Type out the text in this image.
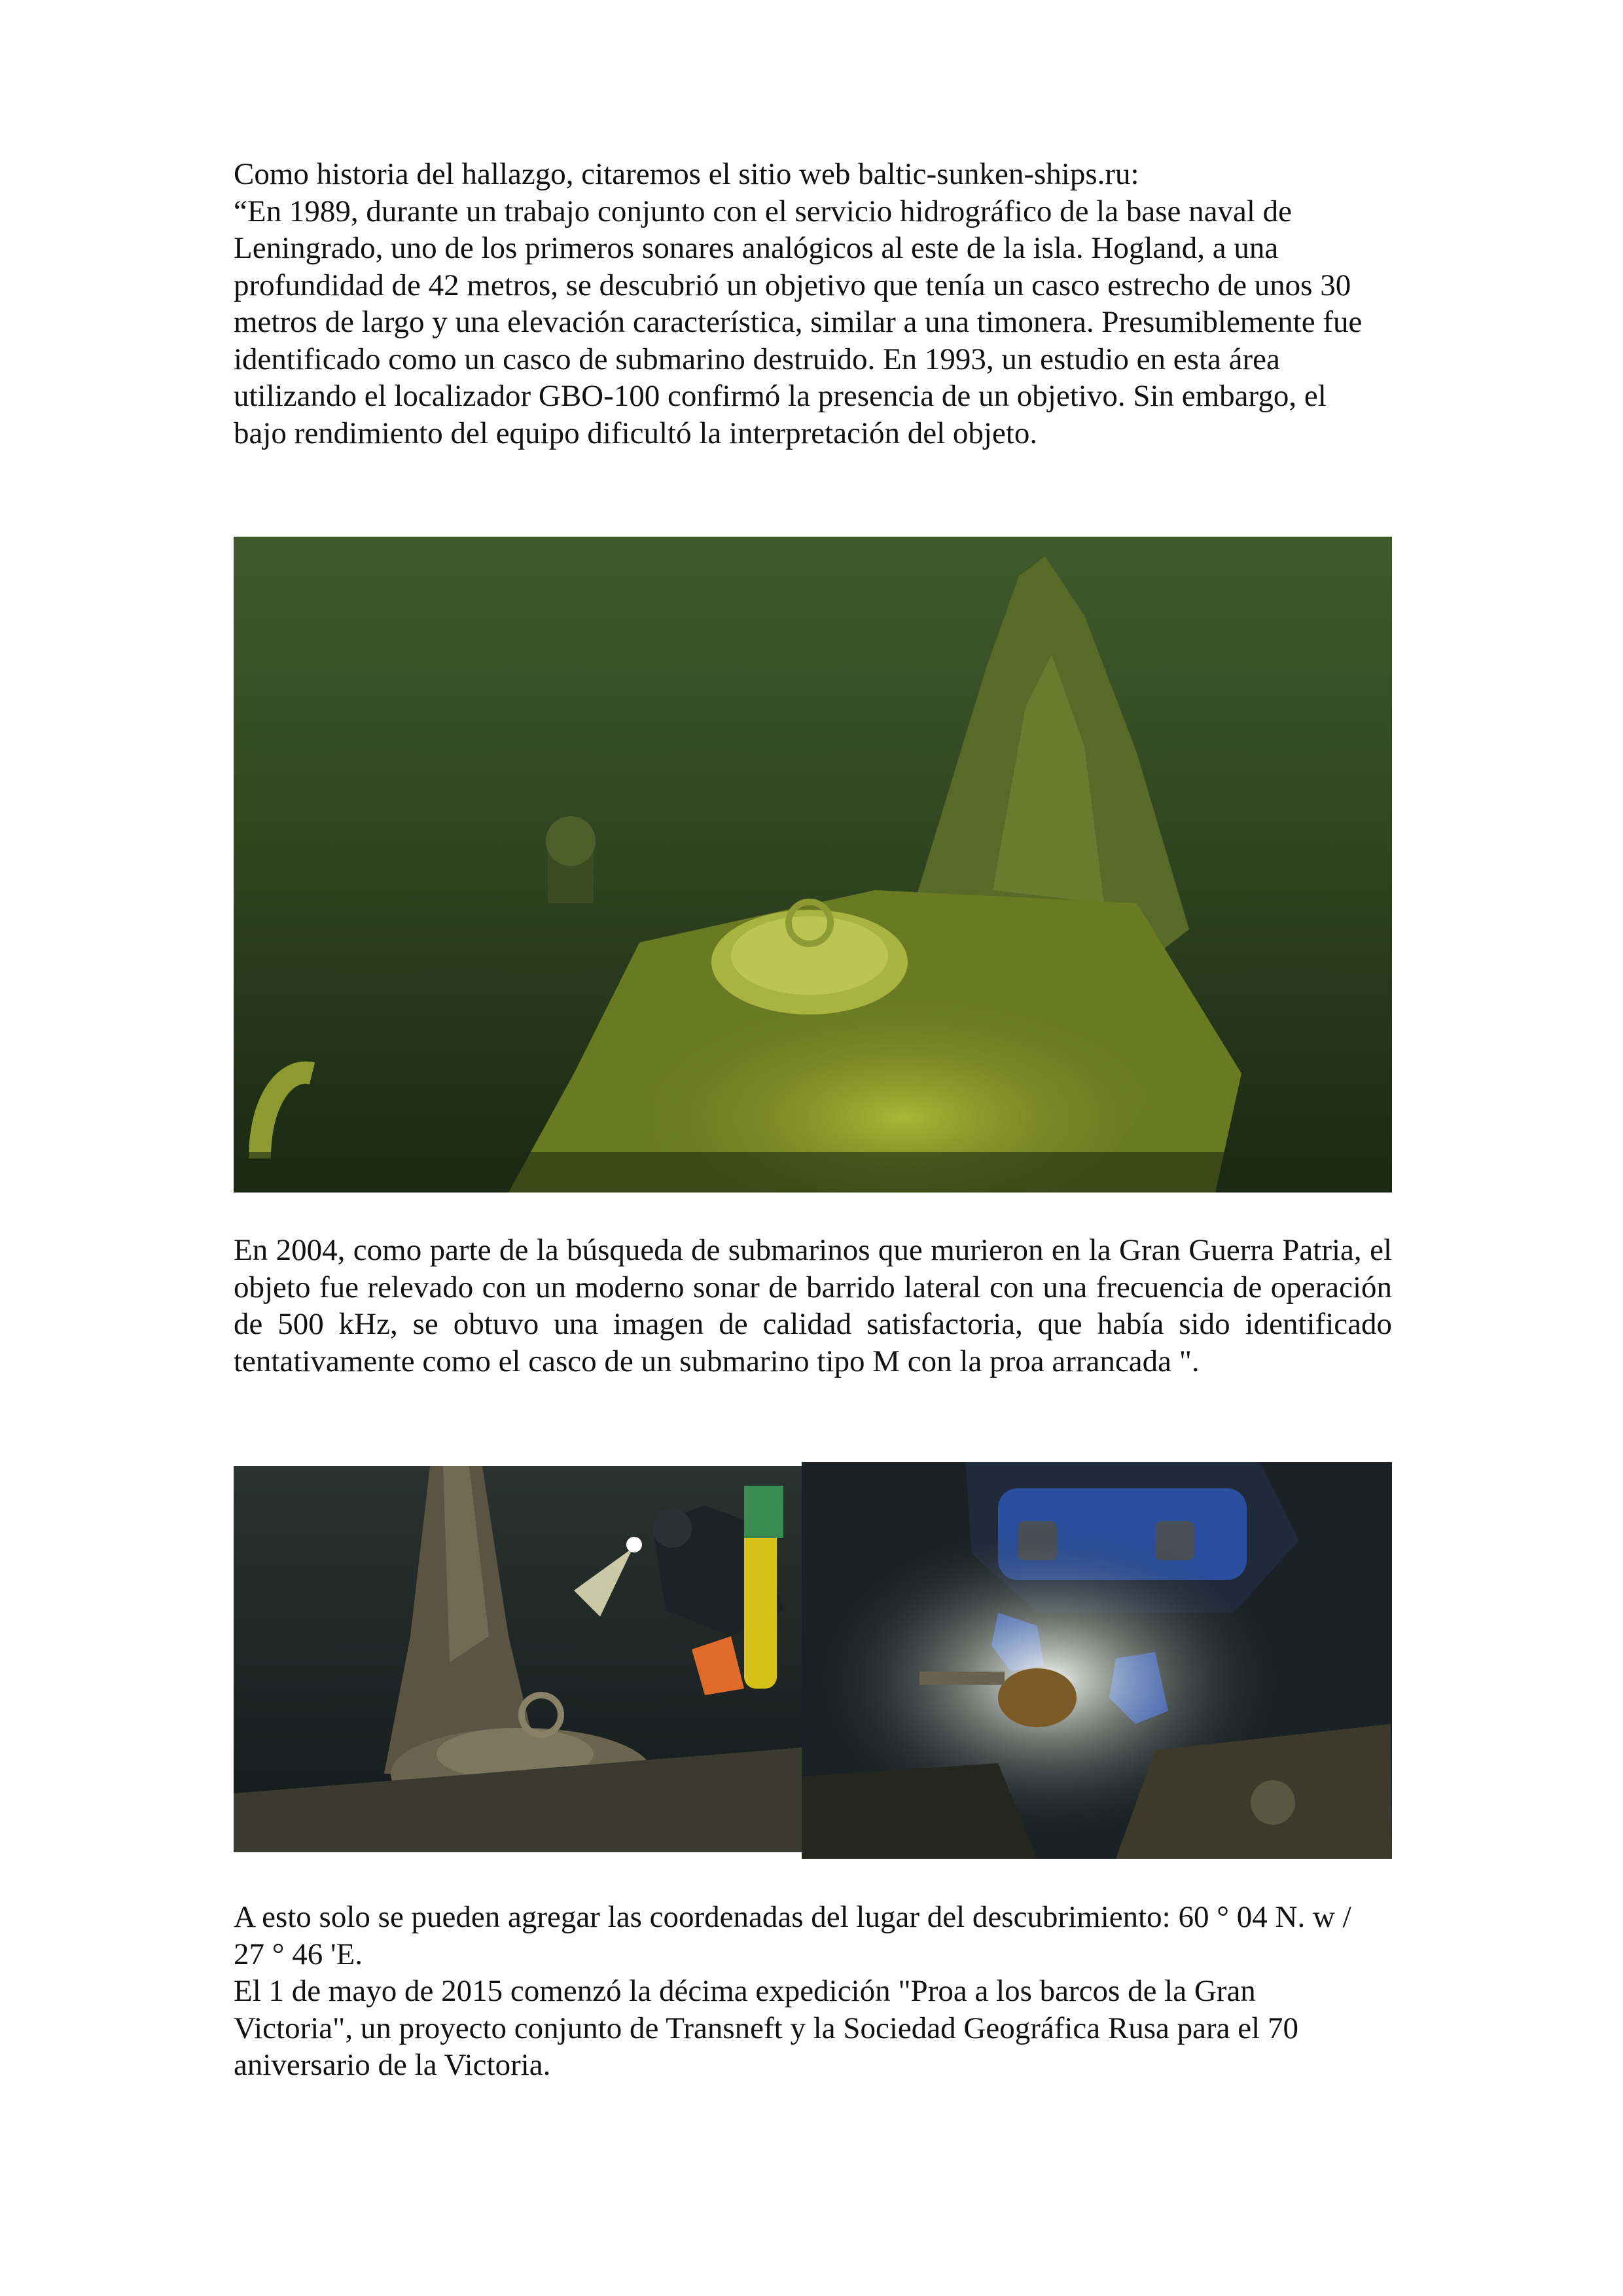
Como historia del hallazgo, citaremos el sitio web baltic-sunken-ships.ru:

“En 1989, durante un trabajo conjunto con el servicio hidrográfico de la base naval de Leningrado, uno de los primeros sonares analógicos al este de la isla. Hogland, a una profundidad de 42 metros, se descubrió un objetivo que tenía un casco estrecho de unos 30 metros de largo y una elevación característica, similar a una timonera. Presumiblemente fue identificado como un casco de submarino destruido. En 1993, un estudio en esta área utilizando el localizador GBO-100 confirmó la presencia de un objetivo. Sin embargo, el bajo rendimiento del equipo dificultó la interpretación del objeto.

En 2004, como parte de la búsqueda de submarinos que murieron en la Gran Guerra Patria, el objeto fue relevado con un moderno sonar de barrido lateral con una frecuencia de operación de 500 kHz, se obtuvo una imagen de calidad satisfactoria, que había sido identificado tentativamente como el casco de un submarino tipo M con la proa arrancada ".

A esto solo se pueden agregar las coordenadas del lugar del descubrimiento: 60 ° 04 N. w / 27 ° 46 'E.

El 1 de mayo de 2015 comenzó la décima expedición "Proa a los barcos de la Gran Victoria", un proyecto conjunto de Transneft y la Sociedad Geográfica Rusa para el 70 aniversario de la Victoria.
